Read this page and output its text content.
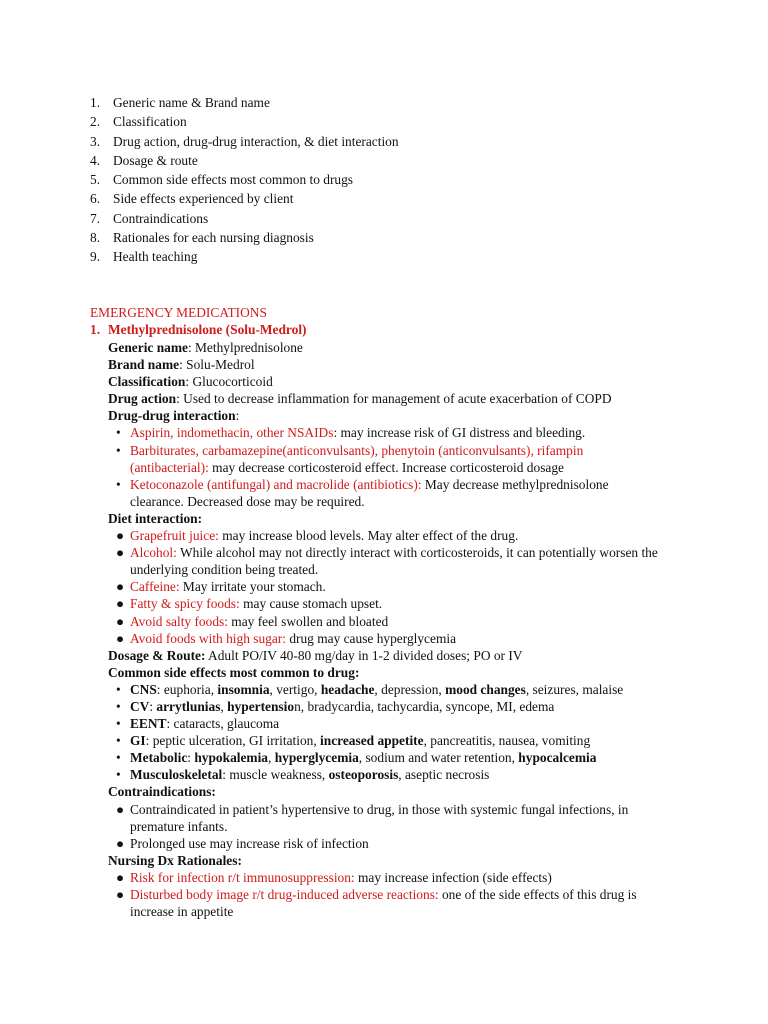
1. Generic name & Brand name
2. Classification
3. Drug action, drug-drug interaction, & diet interaction
4. Dosage & route
5. Common side effects most common to drugs
6. Side effects experienced by client
7. Contraindications
8. Rationales for each nursing diagnosis
9. Health teaching
EMERGENCY MEDICATIONS
1. Methylprednisolone (Solu-Medrol)
Generic name: Methylprednisolone
Brand name: Solu-Medrol
Classification: Glucocorticoid
Drug action: Used to decrease inflammation for management of acute exacerbation of COPD
Drug-drug interaction:
• Aspirin, indomethacin, other NSAIDs: may increase risk of GI distress and bleeding.
• Barbiturates, carbamazepine(anticonvulsants), phenytoin (anticonvulsants), rifampin
(antibacterial): may decrease corticosteroid effect. Increase corticosteroid dosage
• Ketoconazole (antifungal) and macrolide (antibiotics): May decrease methylprednisolone
clearance. Decreased dose may be required.
Diet interaction:
● Grapefruit juice: may increase blood levels. May alter effect of the drug.
● Alcohol: While alcohol may not directly interact with corticosteroids, it can potentially worsen the
underlying condition being treated.
● Caffeine: May irritate your stomach.
● Fatty & spicy foods: may cause stomach upset.
● Avoid salty foods: may feel swollen and bloated
● Avoid foods with high sugar: drug may cause hyperglycemia
Dosage & Route: Adult PO/IV 40-80 mg/day in 1-2 divided doses; PO or IV
Common side effects most common to drug:
• CNS: euphoria, insomnia, vertigo, headache, depression, mood changes, seizures, malaise
• CV: arrytlunias, hypertension, bradycardia, tachycardia, syncope, MI, edema
• EENT: cataracts, glaucoma
• GI: peptic ulceration, GI irritation, increased appetite, pancreatitis, nausea, vomiting
• Metabolic: hypokalemia, hyperglycemia, sodium and water retention, hypocalcemia
• Musculoskeletal: muscle weakness, osteoporosis, aseptic necrosis
Contraindications:
● Contraindicated in patient’s hypertensive to drug, in those with systemic fungal infections, in
premature infants.
● Prolonged use may increase risk of infection
Nursing Dx Rationales:
● Risk for infection r/t immunosuppression: may increase infection (side effects)
● Disturbed body image r/t drug-induced adverse reactions: one of the side effects of this drug is
increase in appetite
